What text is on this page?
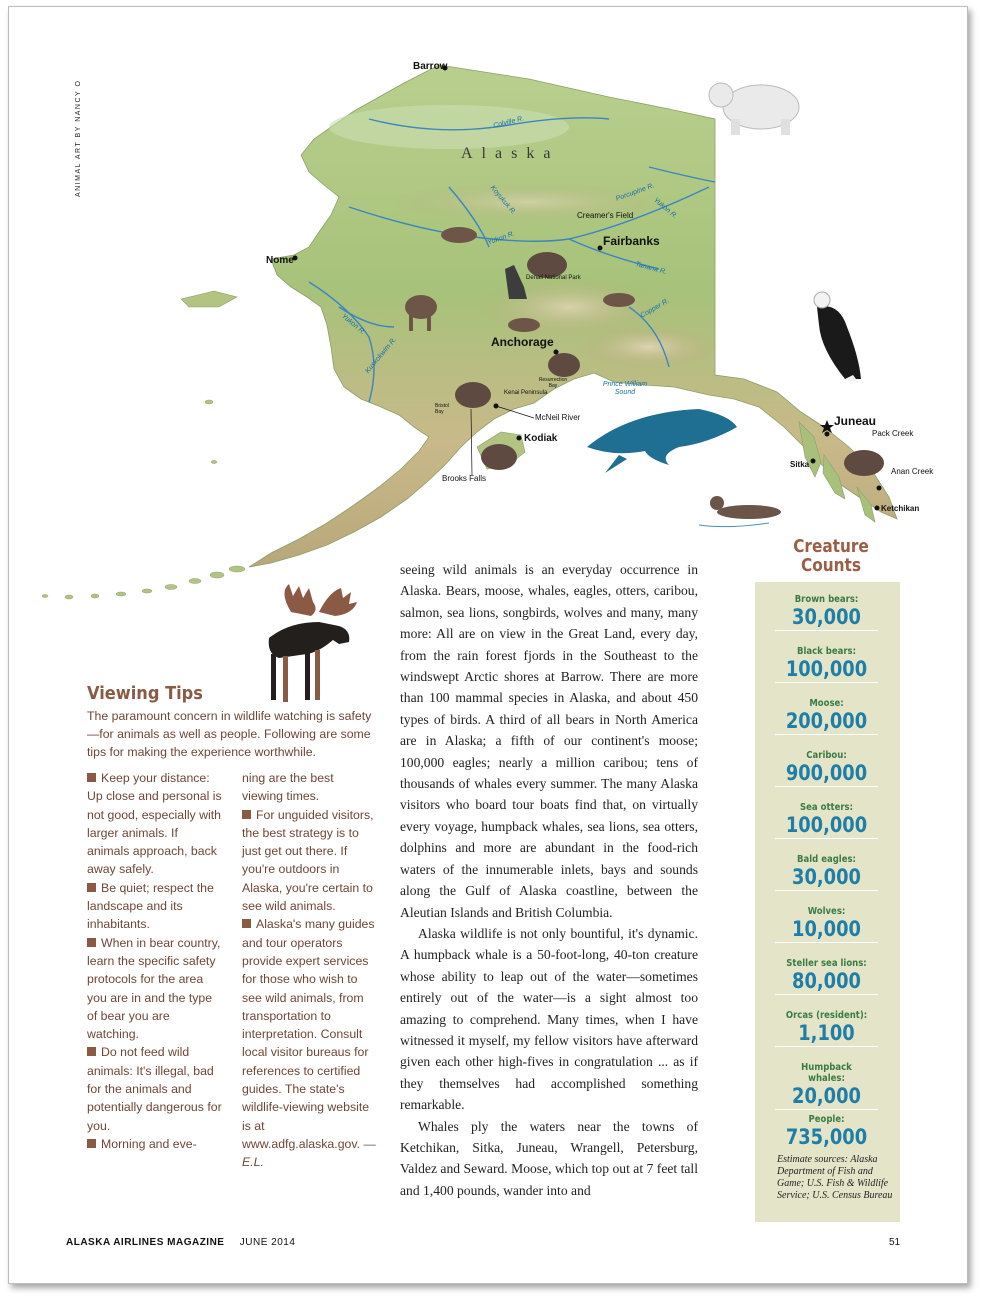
ANIMAL ART BY NANCY O
Barrow
Alaska
Nome
Creamer's Field
Fairbanks
Denali National Park
Anchorage
Resurrection Bay
Kenai Peninsula
Bristol Bay
McNeil River
Kodiak
Brooks Falls
Juneau
Pack Creek
Sitka
Anan Creek
Ketchikan
Prince William Sound
Colville R.
Koyukuk R.
Yukon R.
Porcupine R.
Yukon R.
Tanana R.
Copper R.
Yukon R.
Kuskokwim R.
Viewing Tips
The paramount concern in wildlife watching is safety—for animals as well as people. Following are some tips for making the experience worthwhile.

Keep your distance: Up close and personal is not good, especially with larger animals. If animals approach, back away safely.

Be quiet; respect the landscape and its inhabitants.

When in bear country, learn the specific safety protocols for the area you are in and the type of bear you are watching.

Do not feed wild animals: It's illegal, bad for the animals and potentially dangerous for you.

Morning and eve-

ning are the best viewing times.

For unguided visitors, the best strategy is to just get out there. If you're outdoors in Alaska, you're certain to see wild animals.

Alaska's many guides and tour operators provide expert services for those who wish to see wild animals, from transportation to interpretation. Consult local visitor bureaus for references to certified guides. The state's wildlife-viewing website is at www.adfg.alaska.gov. —E.L.

seeing wild animals is an everyday occurrence in Alaska. Bears, moose, whales, eagles, otters, caribou, salmon, sea lions, songbirds, wolves and many, many more: All are on view in the Great Land, every day, from the rain forest fjords in the Southeast to the windswept Arctic shores at Barrow. There are more than 100 mammal species in Alaska, and about 450 types of birds. A third of all bears in North America are in Alaska; a fifth of our continent's moose; 100,000 eagles; nearly a million caribou; tens of thousands of whales every summer. The many Alaska visitors who board tour boats find that, on virtually every voyage, humpback whales, sea lions, sea otters, dolphins and more are abundant in the food-rich waters of the innumerable inlets, bays and sounds along the Gulf of Alaska coastline, between the Aleutian Islands and British Columbia.

Alaska wildlife is not only bountiful, it's dynamic. A humpback whale is a 50-foot-long, 40-ton creature whose ability to leap out of the water—sometimes entirely out of the water—is a sight almost too amazing to comprehend. Many times, when I have witnessed it myself, my fellow visitors have afterward given each other high-fives in congratulation ... as if they themselves had accomplished something remarkable.

Whales ply the waters near the towns of Ketchikan, Sitka, Juneau, Wrangell, Petersburg, Valdez and Seward. Moose, which top out at 7 feet tall and 1,400 pounds, wander into and

Creature
Counts
Brown bears:
30,000
Black bears:
100,000
Moose:
200,000
Caribou:
900,000
Sea otters:
100,000
Bald eagles:
30,000
Wolves:
10,000
Steller sea lions:
80,000
Orcas (resident):
1,100
Humpback whales:
20,000
People:
735,000
Estimate sources: Alaska Department of Fish and Game; U.S. Fish & Wildlife Service; U.S. Census Bureau
ALASKA AIRLINES MAGAZINE JUNE 2014	51
